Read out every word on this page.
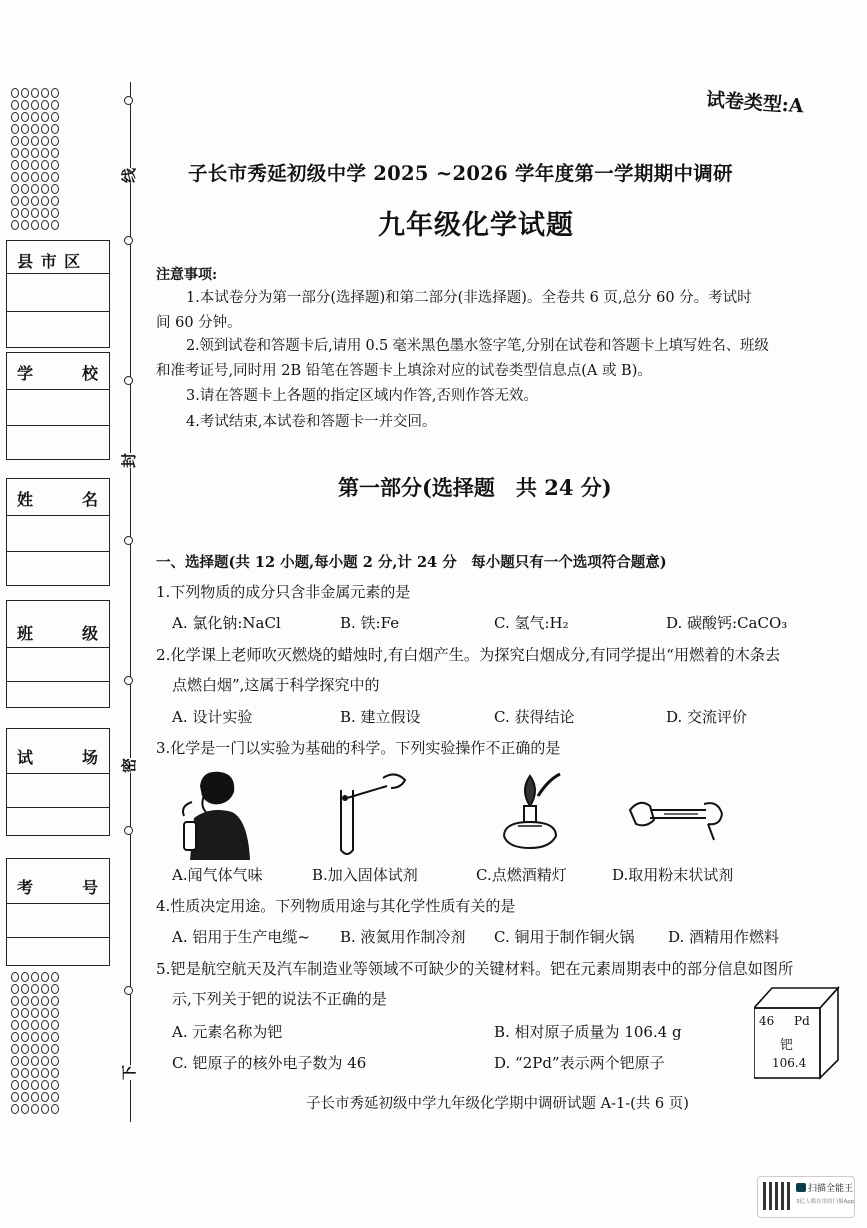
线
封
密
下
县 市 区
学	校
姓	名
班	级
试	场
考	号
试卷类型:A
子长市秀延初级中学 2025 ~2026 学年度第一学期期中调研
九年级化学试题
注意事项:
1.本试卷分为第一部分(选择题)和第二部分(非选择题)。全卷共 6 页,总分 60 分。考试时
间 60 分钟。
2.领到试卷和答题卡后,请用 0.5 毫米黑色墨水签字笔,分别在试卷和答题卡上填写姓名、班级
和准考证号,同时用 2B 铅笔在答题卡上填涂对应的试卷类型信息点(A 或 B)。
3.请在答题卡上各题的指定区域内作答,否则作答无效。
4.考试结束,本试卷和答题卡一并交回。
第一部分(选择题　共 24 分)
一、选择题(共 12 小题,每小题 2 分,计 24 分　每小题只有一个选项符合题意)
1.下列物质的成分只含非金属元素的是
A. 氯化钠:NaCl	B. 铁:Fe	C. 氢气:H₂	D. 碳酸钙:CaCO₃
2.化学课上老师吹灭燃烧的蜡烛时,有白烟产生。为探究白烟成分,有同学提出“用燃着的木条去
点燃白烟”,这属于科学探究中的
A. 设计实验	B. 建立假设	C. 获得结论	D. 交流评价
3.化学是一门以实验为基础的科学。下列实验操作不正确的是
A.闻气体气味	B.加入固体试剂	C.点燃酒精灯	D.取用粉末状试剂
4.性质决定用途。下列物质用途与其化学性质有关的是
A. 铝用于生产电缆~ B. 液氮用作制冷剂 C. 铜用于制作铜火锅 D. 酒精用作燃料
5.钯是航空航天及汽车制造业等领域不可缺少的关键材料。钯在元素周期表中的部分信息如图所
示,下列关于钯的说法不正确的是
A. 元素名称为钯	B. 相对原子质量为 106.4 g
C. 钯原子的核外电子数为 46	D. “2Pd”表示两个钯原子
46 Pd
钯
106.4
子长市秀延初级中学九年级化学期中调研试题 A-1-(共 6 页)
扫描全能王
3亿人都在用的扫描App
